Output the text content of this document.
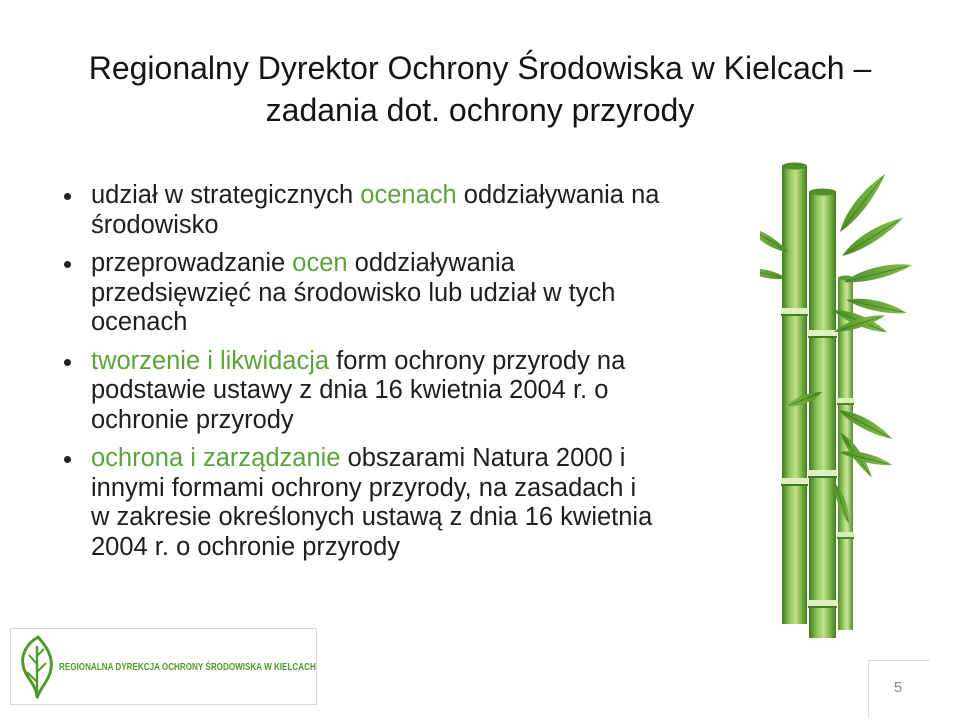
Regionalny Dyrektor Ochrony Środowiska w Kielcach –
zadania dot. ochrony przyrody
udział w strategicznych ocenach oddziaływania na
środowisko
przeprowadzanie ocen oddziaływania
przedsięwzięć na środowisko lub udział w tych
ocenach
tworzenie i likwidacja form ochrony przyrody na
podstawie ustawy z dnia 16 kwietnia 2004 r. o
ochronie przyrody
ochrona i zarządzanie obszarami Natura 2000 i
innymi formami ochrony przyrody, na zasadach i
w zakresie określonych ustawą z dnia 16 kwietnia
2004 r. o ochronie przyrody
REGIONALNA DYREKCJA OCHRONY ŚRODOWISKA W KIELCACH
5
